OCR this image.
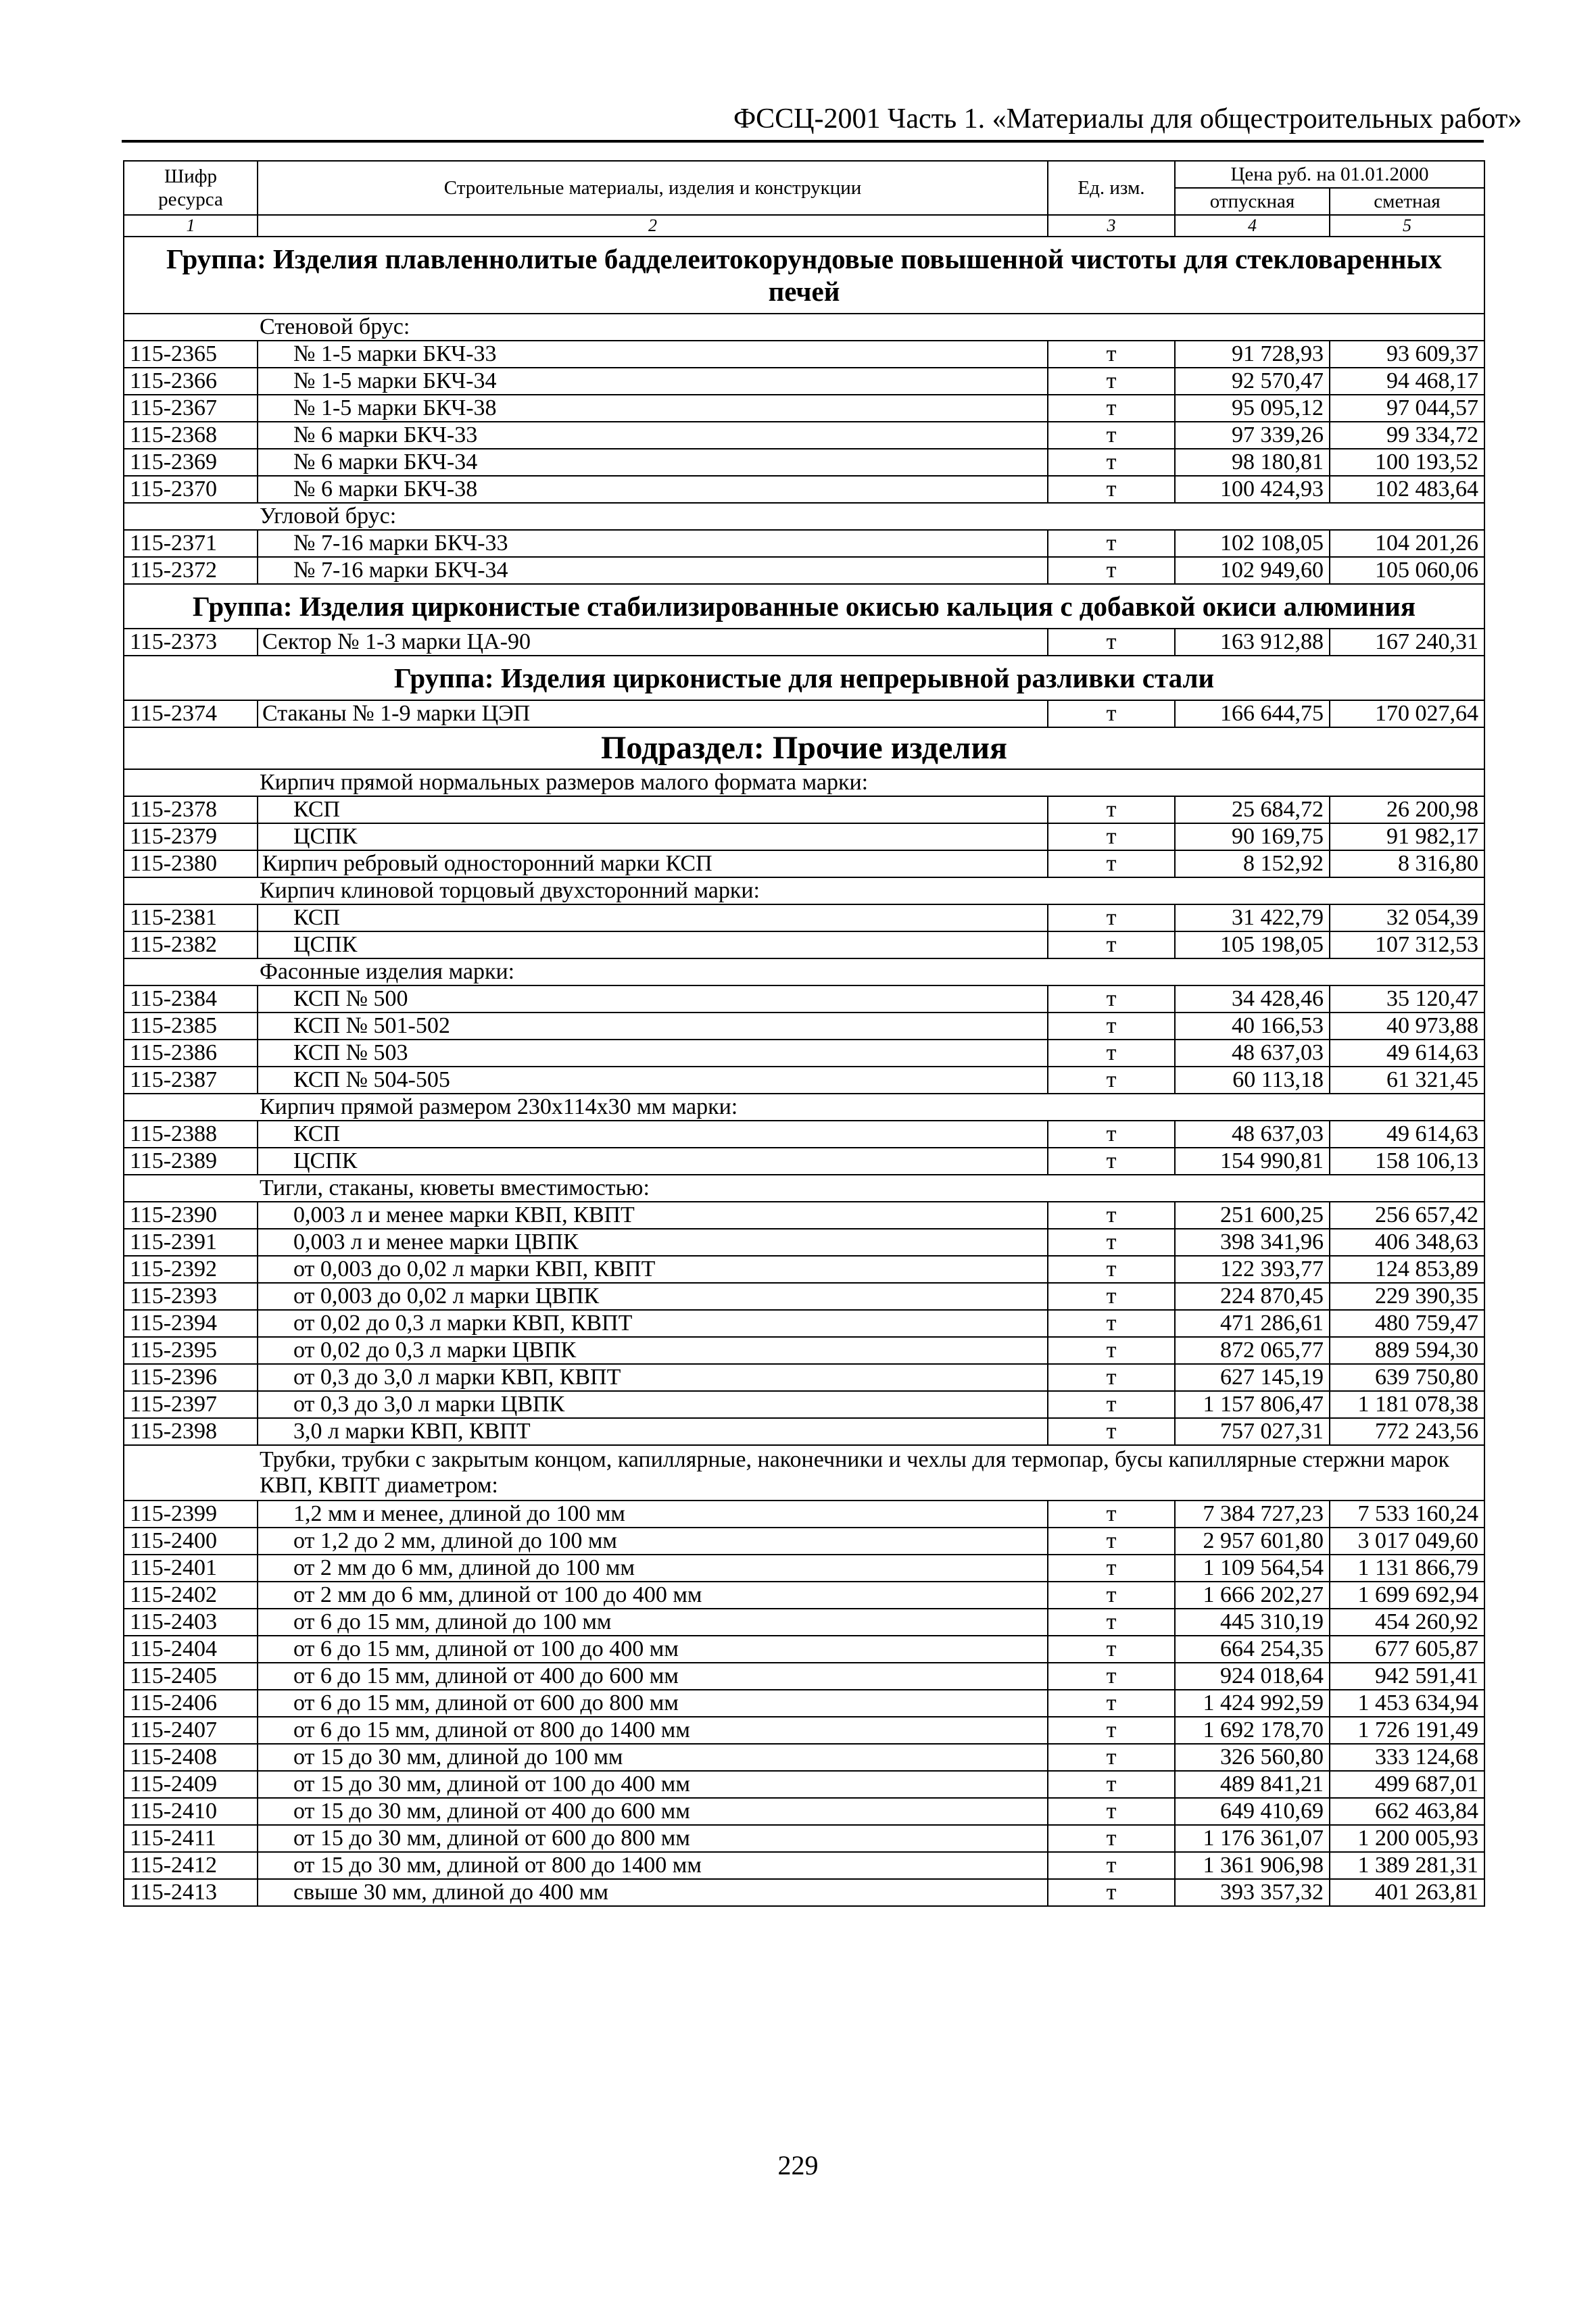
ФССЦ-2001 Часть 1. «Материалы для общестроительных работ»
Шифр ресурса	Строительные материалы, изделия и конструкции	Ед. изм.	Цена руб. на 01.01.2000	
			отпускная	сметная
1	2	3	4	5
Группа: Изделия плавленнолитые бадделеитокорундовые повышенной чистоты для стекловаренных печей				
Стеновой брус:				
115-2365	№ 1-5 марки БКЧ-33	т	91 728,93	93 609,37
115-2366	№ 1-5 марки БКЧ-34	т	92 570,47	94 468,17
115-2367	№ 1-5 марки БКЧ-38	т	95 095,12	97 044,57
115-2368	№ 6 марки БКЧ-33	т	97 339,26	99 334,72
115-2369	№ 6 марки БКЧ-34	т	98 180,81	100 193,52
115-2370	№ 6 марки БКЧ-38	т	100 424,93	102 483,64
Угловой брус:				
115-2371	№ 7-16 марки БКЧ-33	т	102 108,05	104 201,26
115-2372	№ 7-16 марки БКЧ-34	т	102 949,60	105 060,06
Группа: Изделия цирконистые стабилизированные окисью кальция с добавкой окиси алюминия				
115-2373	Сектор № 1-3 марки ЦА-90	т	163 912,88	167 240,31
Группа: Изделия цирконистые для непрерывной разливки стали				
115-2374	Стаканы № 1-9 марки ЦЭП	т	166 644,75	170 027,64
Подраздел: Прочие изделия				
Кирпич прямой нормальных размеров малого формата марки:				
115-2378	КСП	т	25 684,72	26 200,98
115-2379	ЦСПК	т	90 169,75	91 982,17
115-2380	Кирпич ребровый односторонний марки КСП	т	8 152,92	8 316,80
Кирпич клиновой торцовый двухсторонний марки:				
115-2381	КСП	т	31 422,79	32 054,39
115-2382	ЦСПК	т	105 198,05	107 312,53
Фасонные изделия марки:				
115-2384	КСП № 500	т	34 428,46	35 120,47
115-2385	КСП № 501-502	т	40 166,53	40 973,88
115-2386	КСП № 503	т	48 637,03	49 614,63
115-2387	КСП № 504-505	т	60 113,18	61 321,45
Кирпич прямой размером 230x114x30 мм марки:				
115-2388	КСП	т	48 637,03	49 614,63
115-2389	ЦСПК	т	154 990,81	158 106,13
Тигли, стаканы, кюветы вместимостью:				
115-2390	0,003 л и менее марки КВП, КВПТ	т	251 600,25	256 657,42
115-2391	0,003 л и менее марки ЦВПК	т	398 341,96	406 348,63
115-2392	от 0,003 до 0,02 л марки КВП, КВПТ	т	122 393,77	124 853,89
115-2393	от 0,003 до 0,02 л марки ЦВПК	т	224 870,45	229 390,35
115-2394	от 0,02 до 0,3 л марки КВП, КВПТ	т	471 286,61	480 759,47
115-2395	от 0,02 до 0,3 л марки ЦВПК	т	872 065,77	889 594,30
115-2396	от 0,3 до 3,0 л марки КВП, КВПТ	т	627 145,19	639 750,80
115-2397	от 0,3 до 3,0 л марки ЦВПК	т	1 157 806,47	1 181 078,38
115-2398	3,0 л марки КВП, КВПТ	т	757 027,31	772 243,56
Трубки, трубки с закрытым концом, капиллярные, наконечники и чехлы для термопар, бусы капиллярные стержни марок КВП, КВПТ диаметром:				
115-2399	1,2 мм и менее, длиной до 100 мм	т	7 384 727,23	7 533 160,24
115-2400	от 1,2 до 2 мм, длиной до 100 мм	т	2 957 601,80	3 017 049,60
115-2401	от 2 мм до 6 мм, длиной до 100 мм	т	1 109 564,54	1 131 866,79
115-2402	от 2 мм до 6 мм, длиной от 100 до 400 мм	т	1 666 202,27	1 699 692,94
115-2403	от 6 до 15 мм, длиной до 100 мм	т	445 310,19	454 260,92
115-2404	от 6 до 15 мм, длиной от 100 до 400 мм	т	664 254,35	677 605,87
115-2405	от 6 до 15 мм, длиной от 400 до 600 мм	т	924 018,64	942 591,41
115-2406	от 6 до 15 мм, длиной от 600 до 800 мм	т	1 424 992,59	1 453 634,94
115-2407	от 6 до 15 мм, длиной от 800 до 1400 мм	т	1 692 178,70	1 726 191,49
115-2408	от 15 до 30 мм, длиной до 100 мм	т	326 560,80	333 124,68
115-2409	от 15 до 30 мм, длиной от 100 до 400 мм	т	489 841,21	499 687,01
115-2410	от 15 до 30 мм, длиной от 400 до 600 мм	т	649 410,69	662 463,84
115-2411	от 15 до 30 мм, длиной от 600 до 800 мм	т	1 176 361,07	1 200 005,93
115-2412	от 15 до 30 мм, длиной от 800 до 1400 мм	т	1 361 906,98	1 389 281,31
115-2413	свыше 30 мм, длиной до 400 мм	т	393 357,32	401 263,81
229
